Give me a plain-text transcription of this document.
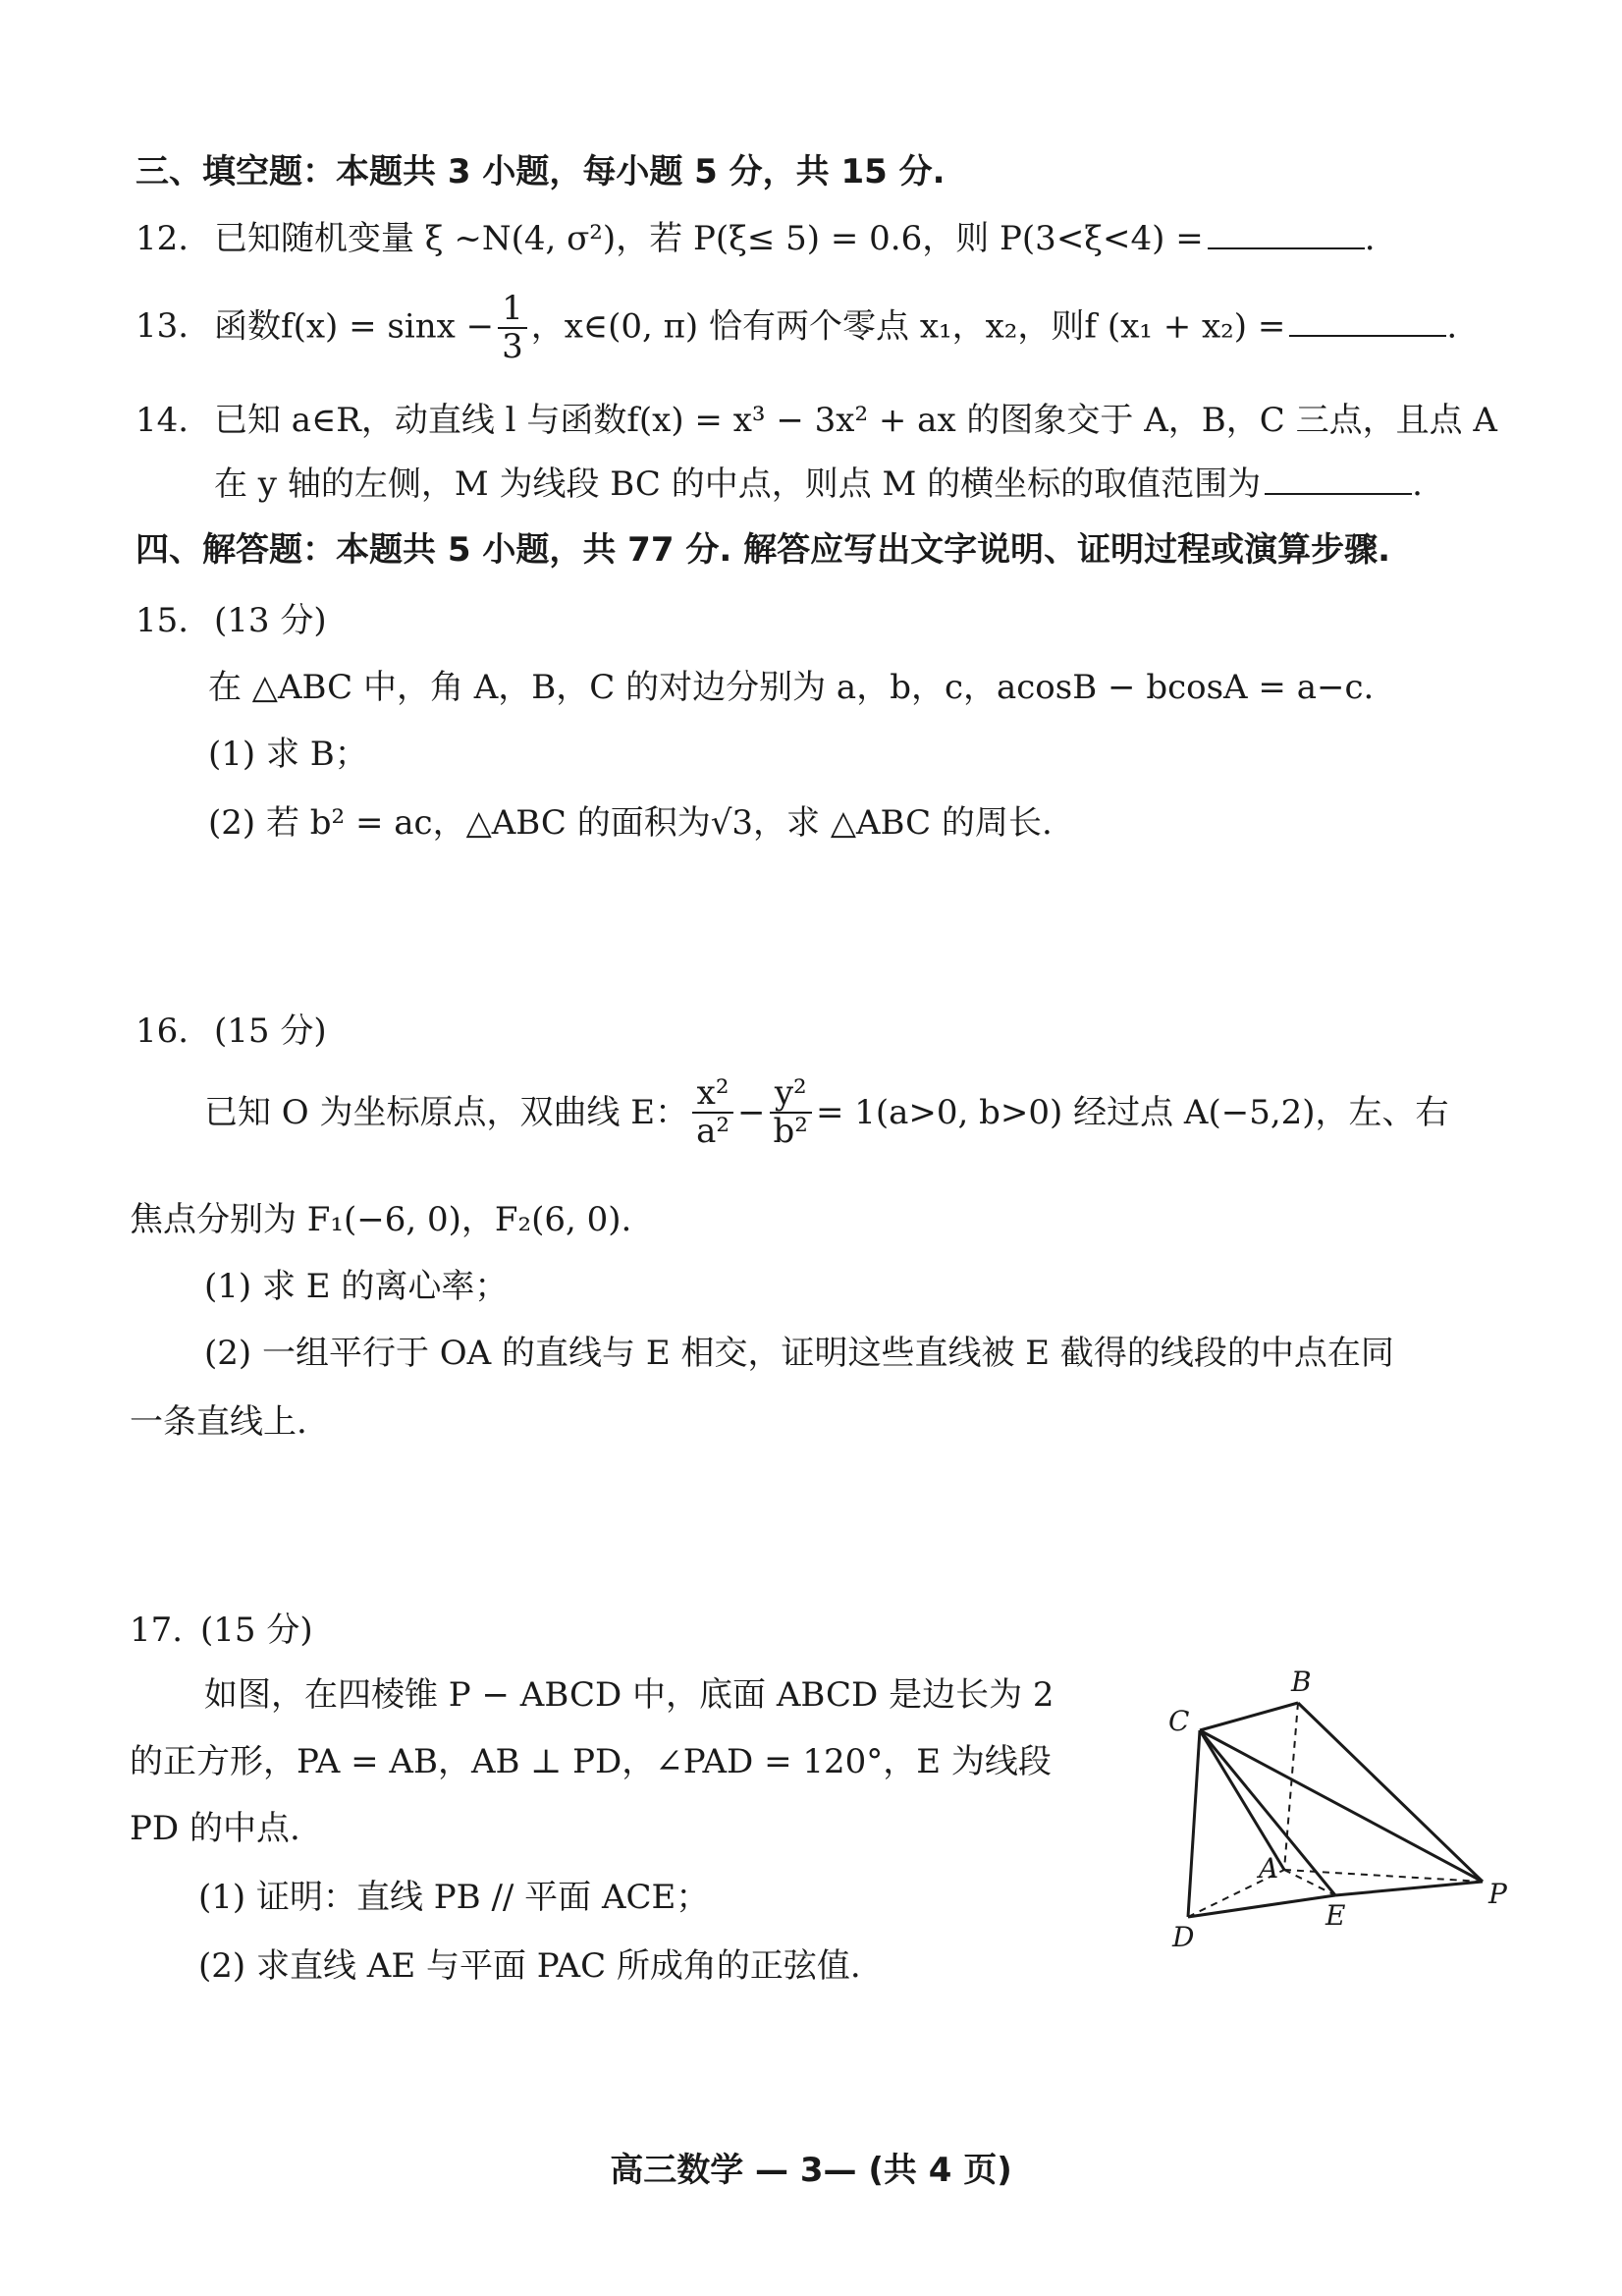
三、填空题：本题共 3 小题，每小题 5 分，共 15 分.
12. 已知随机变量 ξ ~N(4, σ²)，若 P(ξ≤ 5) = 0.6，则 P(3<ξ<4) =	.
13. 函数$f(x) = \sin x - \frac{1}{3}$ ，x∈(0, π) 恰有两个零点 x₁，x₂，则f (x₁ + x₂) =	.
14. 已知 a∈R，动直线 l 与函数f(x) = x³ − 3x² + ax 的图象交于 A，B，C 三点，且点 A
在 y 轴的左侧，M 为线段 BC 的中点，则点 M 的横坐标的取值范围为	.
四、解答题：本题共 5 小题，共 77 分. 解答应写出文字说明、证明过程或演算步骤.
15. (13 分)
在 △ABC 中，角 A，B，C 的对边分别为 a，b，c，acosB − bcosA = a−c.
(1) 求 B；
(2) 若 b² = ac，△ABC 的面积为√3，求 △ABC 的周长.
16. (15 分)
已知 O 为坐标原点，双曲线 E： $\frac{\text{x²}}{\text{a²}} - \frac{\text{y²}}{\text{b²}} = 1(a>0$, b>0) 经过点 A(−5,2)，左、右
焦点分别为 F₁(−6, 0)，F₂(6, 0).
(1) 求 E 的离心率；
(2) 一组平行于 OA 的直线与 E 相交，证明这些直线被 E 截得的线段的中点在同
一条直线上.
17. (15 分)
如图，在四棱锥 P − ABCD 中，底面 ABCD 是边长为 2
的正方形，PA = AB，AB ⊥ PD，∠PAD = 120°，E 为线段
PD 的中点.
(1) 证明：直线 PB // 平面 ACE；
(2) 求直线 AE 与平面 PAC 所成角的正弦值.
B
C
A
D
E
P
高三数学 — 3— (共 4 页)
